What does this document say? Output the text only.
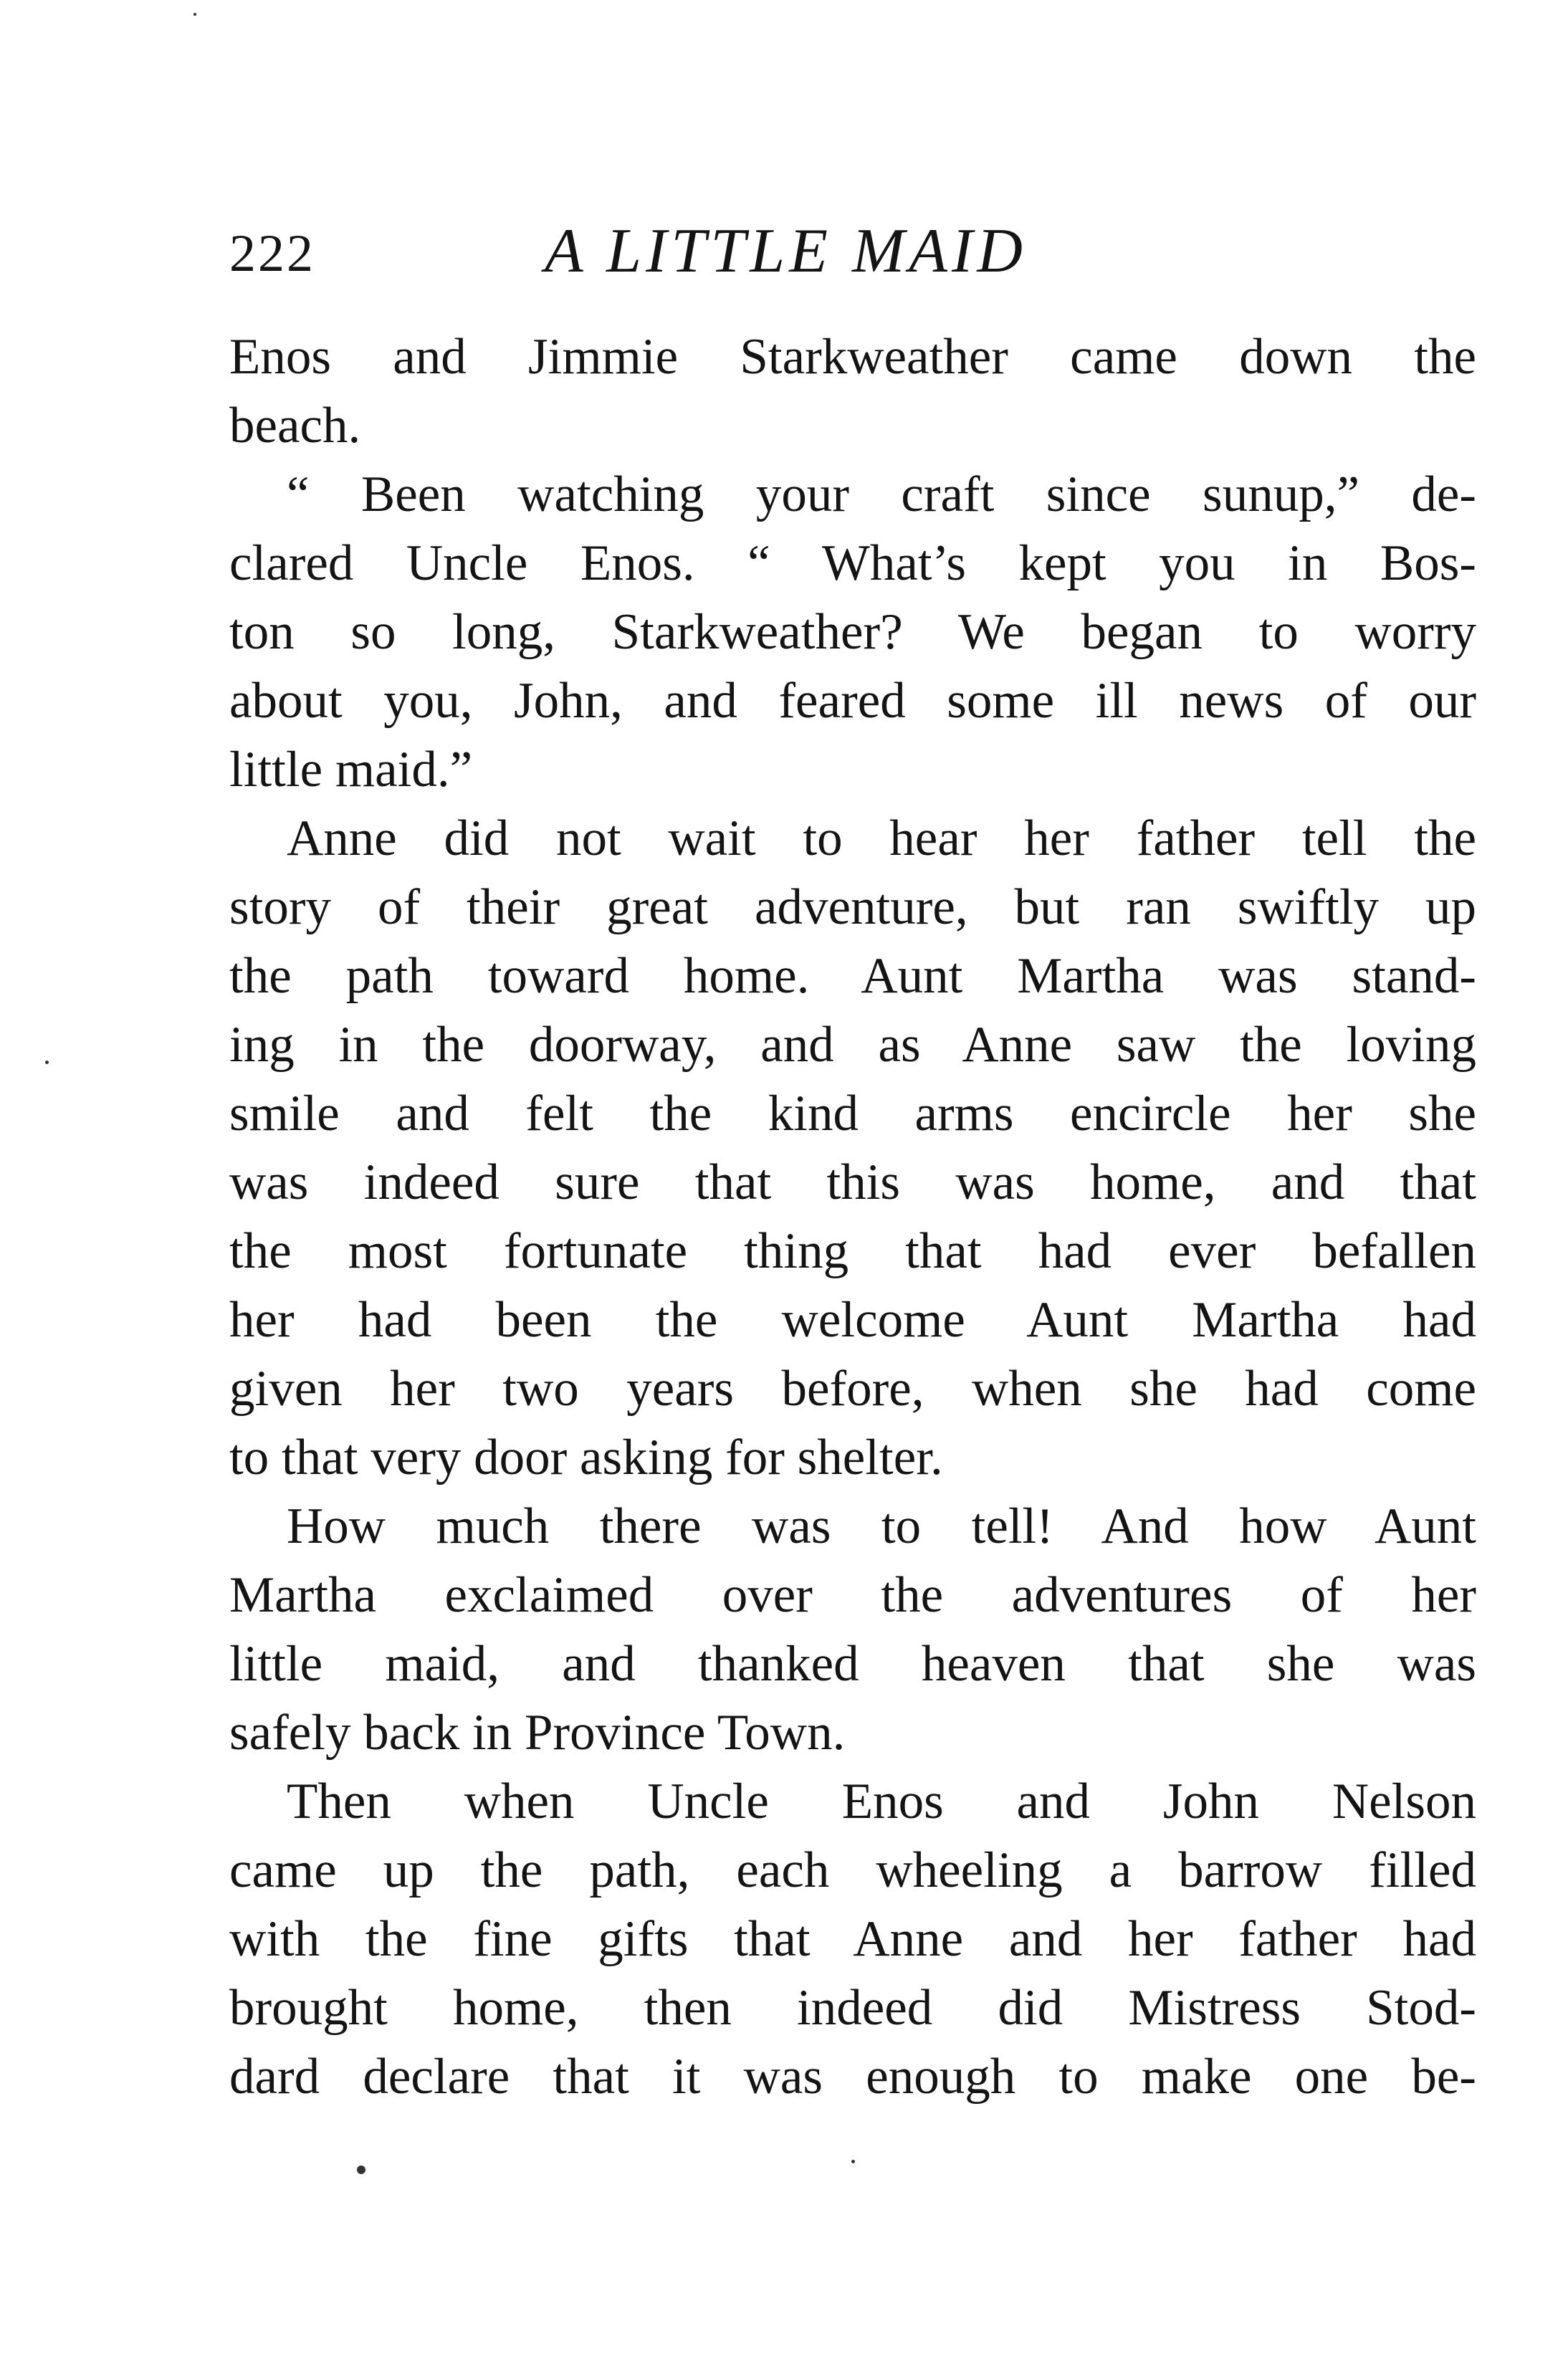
222	A LITTLE MAID
Enos and Jimmie Starkweather came down the
beach.
“ Been watching your craft since sunup,” de-
clared Uncle Enos. “ What’s kept you in Bos-
ton so long, Starkweather? We began to worry
about you, John, and feared some ill news of our
little maid.”
Anne did not wait to hear her father tell the
story of their great adventure, but ran swiftly up
the path toward home. Aunt Martha was stand-
ing in the doorway, and as Anne saw the loving
smile and felt the kind arms encircle her she
was indeed sure that this was home, and that
the most fortunate thing that had ever befallen
her had been the welcome Aunt Martha had
given her two years before, when she had come
to that very door asking for shelter.
How much there was to tell! And how Aunt
Martha exclaimed over the adventures of her
little maid, and thanked heaven that she was
safely back in Province Town.
Then when Uncle Enos and John Nelson
came up the path, each wheeling a barrow filled
with the fine gifts that Anne and her father had
brought home, then indeed did Mistress Stod-
dard declare that it was enough to make one be-
